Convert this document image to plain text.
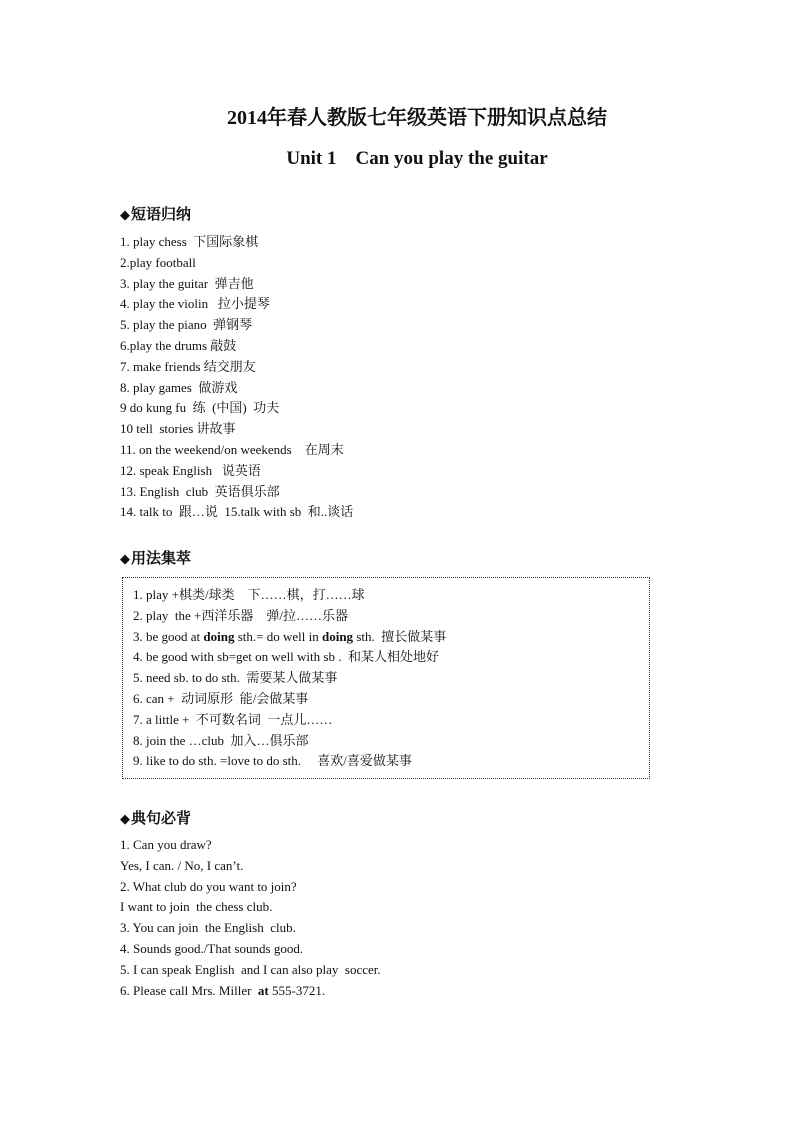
2014年春人教版七年级英语下册知识点总结
Unit 1    Can you play the guitar
◆短语归纳
1. play chess  下国际象棋
2.play football
3. play the guitar  弹吉他
4. play the violin   拉小提琴
5. play the piano  弹钢琴
6.play the drums 敲鼓
7. make friends 结交朋友
8. play games  做游戏
9 do kung fu  练  (中国)  功夫
10 tell  stories 讲故事
11. on the weekend/on weekends    在周末
12. speak English   说英语
13. English  club  英语俱乐部
14. talk to  跟…说  15.talk with sb  和..谈话
◆用法集萃
1. play +棋类/球类    下……棋，打……球
2. play  the +西洋乐器    弹/拉……乐器
3. be good at doing sth.= do well in doing sth.  擅长做某事
4. be good with sb=get on well with sb .  和某人相处地好
5. need sb. to do sth.  需要某人做某事
6. can +  动词原形  能/会做某事
7. a little +  不可数名词  一点儿……
8. join the …club  加入…俱乐部
9. like to do sth. =love to do sth.     喜欢/喜爱做某事
◆典句必背
1. Can you draw?
Yes, I can. / No, I can’t.
2. What club do you want to join?
I want to join  the chess club.
3. You can join  the English  club.
4. Sounds good./That sounds good.
5. I can speak English  and I can also play  soccer.
6. Please call Mrs. Miller  at 555-3721.
